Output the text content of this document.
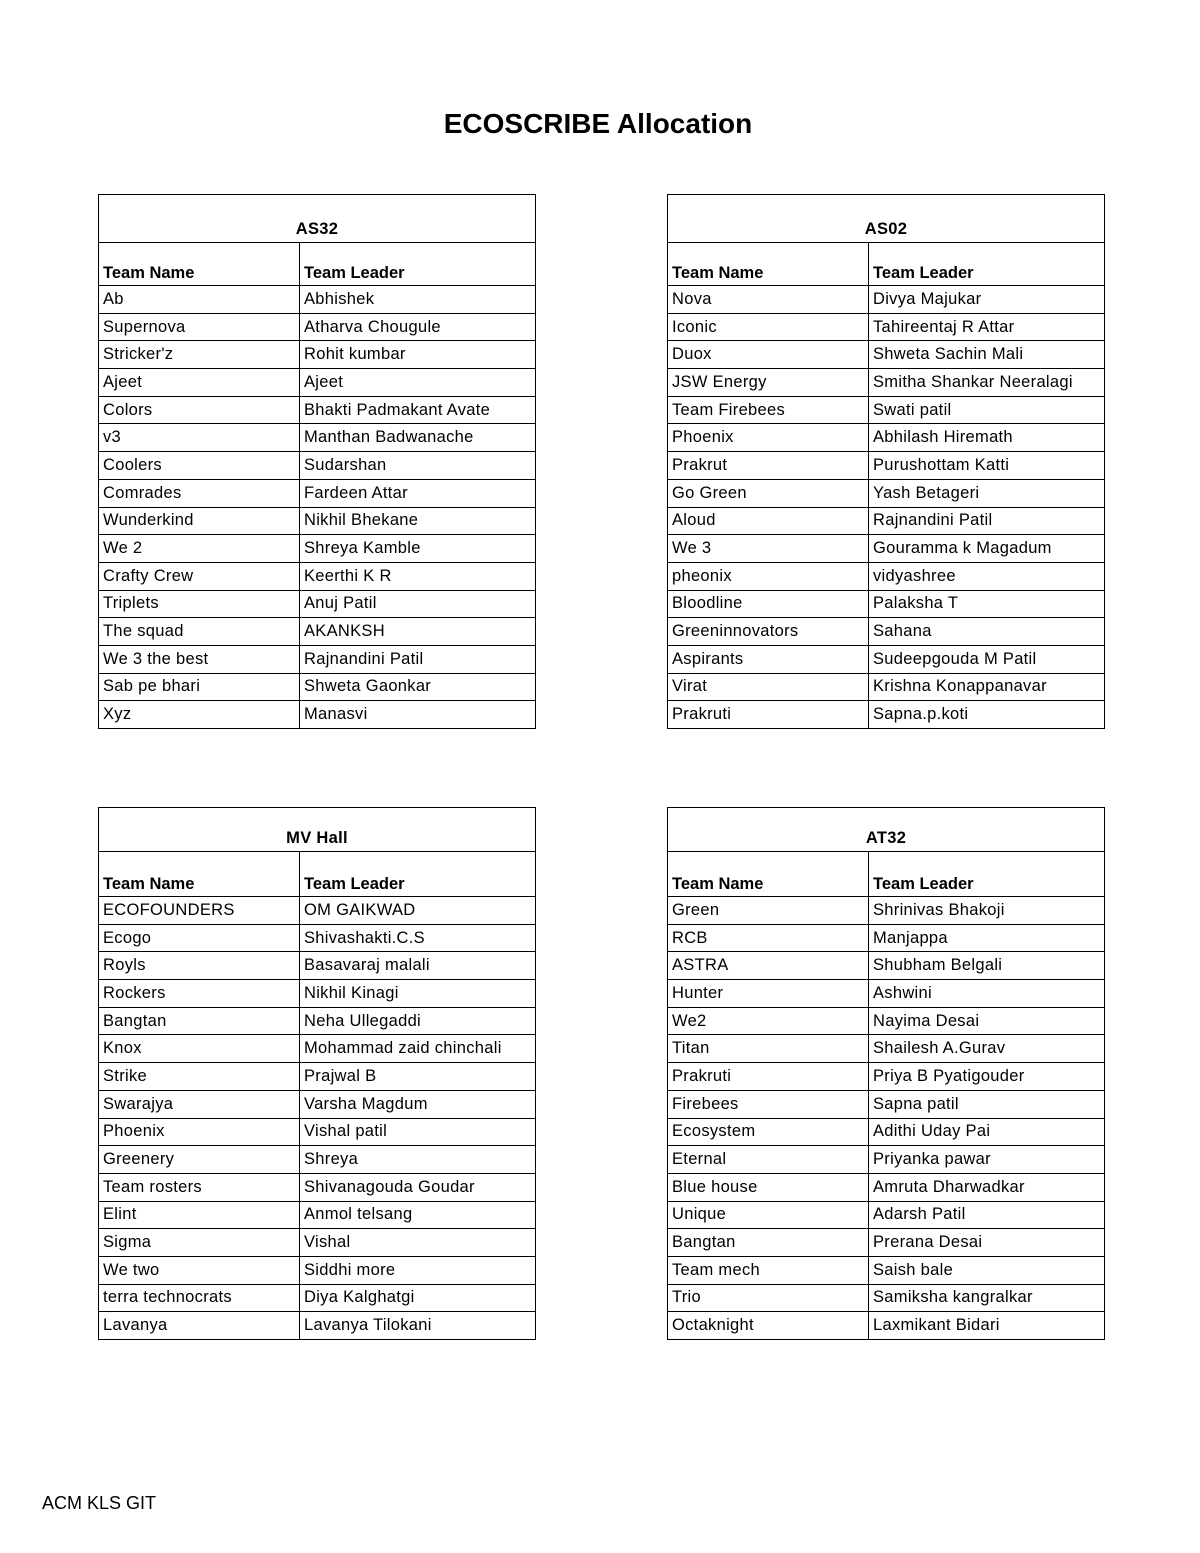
ECOSCRIBE Allocation
AS32	
Team Name	Team Leader
Ab	Abhishek
Supernova	Atharva Chougule
Stricker'z	Rohit kumbar
Ajeet	Ajeet
Colors	Bhakti Padmakant Avate
v3	Manthan Badwanache
Coolers	Sudarshan
Comrades	Fardeen Attar
Wunderkind	Nikhil Bhekane
We 2	Shreya Kamble
Crafty Crew	Keerthi K R
Triplets	Anuj Patil
The squad	AKANKSH
We 3 the best	Rajnandini Patil
Sab pe bhari	Shweta Gaonkar
Xyz	Manasvi
AS02	
Team Name	Team Leader
Nova	Divya Majukar
Iconic	Tahireentaj R Attar
Duox	Shweta Sachin Mali
JSW Energy	Smitha Shankar Neeralagi
Team Firebees	Swati patil
Phoenix	Abhilash Hiremath
Prakrut	Purushottam Katti
Go Green	Yash Betageri
Aloud	Rajnandini Patil
We 3	Gouramma k Magadum
pheonix	vidyashree
Bloodline	Palaksha T
Greeninnovators	Sahana
Aspirants	Sudeepgouda M Patil
Virat	Krishna Konappanavar
Prakruti	Sapna.p.koti
MV Hall	
Team Name	Team Leader
ECOFOUNDERS	OM GAIKWAD
Ecogo	Shivashakti.C.S
Royls	Basavaraj malali
Rockers	Nikhil Kinagi
Bangtan	Neha Ullegaddi
Knox	Mohammad zaid chinchali
Strike	Prajwal B
Swarajya	Varsha Magdum
Phoenix	Vishal patil
Greenery	Shreya
Team rosters	Shivanagouda Goudar
Elint	Anmol telsang
Sigma	Vishal
We two	Siddhi more
terra technocrats	Diya Kalghatgi
Lavanya	Lavanya Tilokani
AT32	
Team Name	Team Leader
Green	Shrinivas Bhakoji
RCB	Manjappa
ASTRA	Shubham Belgali
Hunter	Ashwini
We2	Nayima Desai
Titan	Shailesh A.Gurav
Prakruti	Priya B Pyatigouder
Firebees	Sapna patil
Ecosystem	Adithi Uday Pai
Eternal	Priyanka pawar
Blue house	Amruta Dharwadkar
Unique	Adarsh Patil
Bangtan	Prerana Desai
Team mech	Saish bale
Trio	Samiksha kangralkar
Octaknight	Laxmikant Bidari
ACM KLS GIT
